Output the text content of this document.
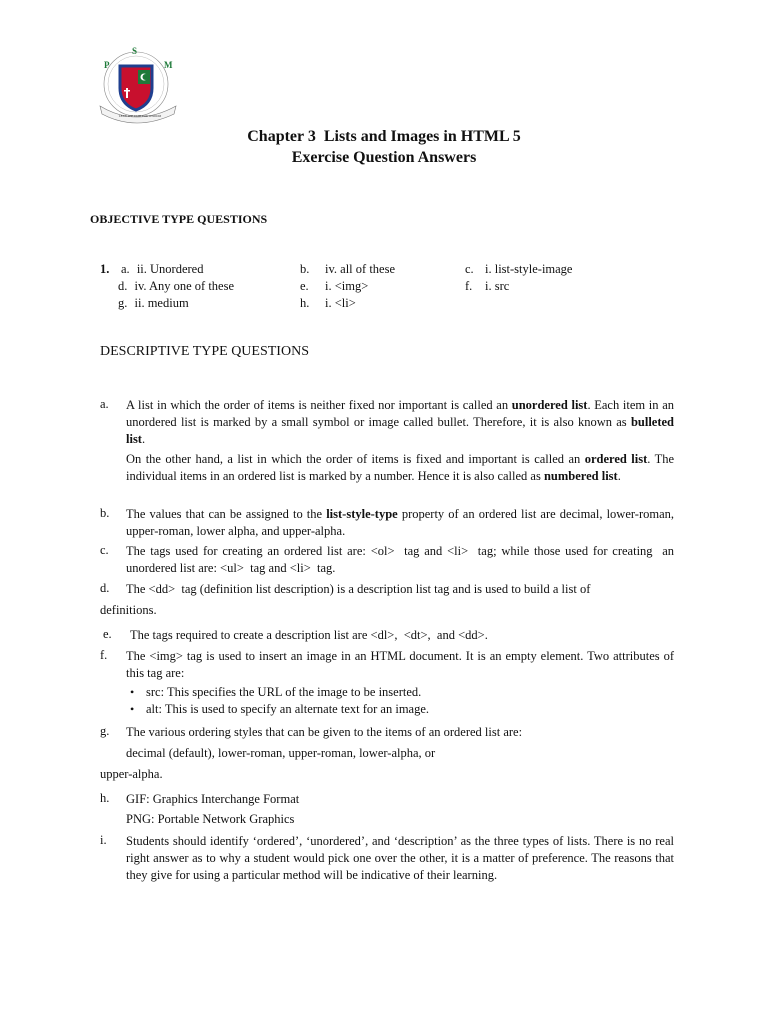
P
S
M
LEAD THE PATH FOR WISDOM
Chapter 3  Lists and Images in HTML 5
Exercise Question Answers
OBJECTIVE TYPE QUESTIONS
1. a. ii. Unordered	b. iv. all of these	c. i. list-style-image
d. iv. Any one of these	e. i. <img>	f. i. src
g. ii. medium	h. i. <li>
DESCRIPTIVE TYPE QUESTIONS
a. A list in which the order of items is neither fixed nor important is called an unordered list. Each item in an unordered list is marked by a small symbol or image called bullet. Therefore, it is also known as bulleted list.
On the other hand, a list in which the order of items is fixed and important is called an ordered list. The individual items in an ordered list is marked by a number. Hence it is also called as numbered list.
b. The values that can be assigned to the list-style-type property of an ordered list are decimal, lower-roman, upper-roman, lower alpha, and upper-alpha.
c. The tags used for creating an ordered list are: <ol>  tag and <li>  tag; while those used for creating  an unordered list are: <ul>  tag and <li>  tag.
d. The <dd>  tag (definition list description) is a description list tag and is used to build a list of
definitions.
e. The tags required to create a description list are <dl>,  <dt>,  and <dd>.
f. The <img> tag is used to insert an image in an HTML document. It is an empty element. Two attributes of this tag are:
• src: This specifies the URL of the image to be inserted.
• alt: This is used to specify an alternate text for an image.
g. The various ordering styles that can be given to the items of an ordered list are:
decimal (default), lower-roman, upper-roman, lower-alpha, or
upper-alpha.
h. GIF: Graphics Interchange Format
PNG: Portable Network Graphics
i. Students should identify ‘ordered’, ‘unordered’, and ‘description’ as the three types of lists. There is no real right answer as to why a student would pick one over the other, it is a matter of preference. The reasons that they give for using a particular method will be indicative of their learning.
